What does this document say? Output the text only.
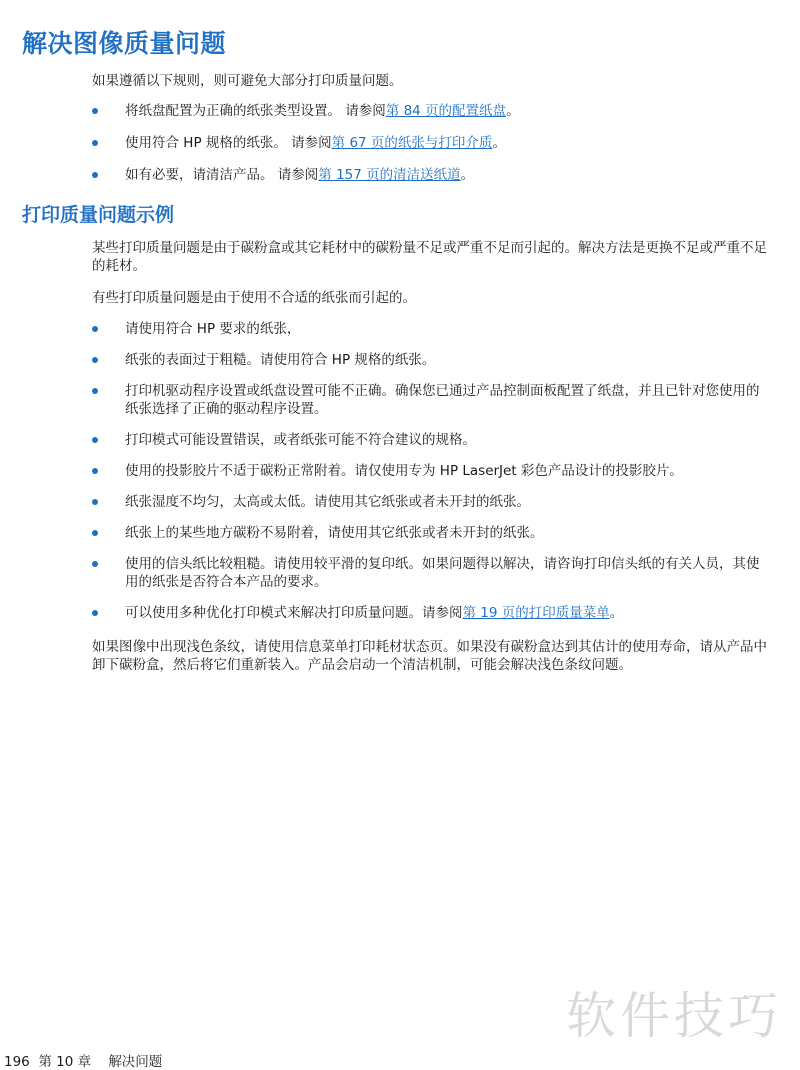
解决图像质量问题

如果遵循以下规则，则可避免大部分打印质量问题。

将纸盘配置为正确的纸张类型设置。 请参阅第 84 页的配置纸盘。
使用符合 HP 规格的纸张。 请参阅第 67 页的纸张与打印介质。
如有必要，请清洁产品。 请参阅第 157 页的清洁送纸道。
打印质量问题示例

某些打印质量问题是由于碳粉盒或其它耗材中的碳粉量不足或严重不足而引起的。解决方法是更换不足或严重不足的耗材。

有些打印质量问题是由于使用不合适的纸张而引起的。

请使用符合 HP 要求的纸张，
纸张的表面过于粗糙。请使用符合 HP 规格的纸张。
打印机驱动程序设置或纸盘设置可能不正确。确保您已通过产品控制面板配置了纸盘，并且已针对您使用的纸张选择了正确的驱动程序设置。
打印模式可能设置错误，或者纸张可能不符合建议的规格。
使用的投影胶片不适于碳粉正常附着。请仅使用专为 HP LaserJet 彩色产品设计的投影胶片。
纸张湿度不均匀，太高或太低。请使用其它纸张或者未开封的纸张。
纸张上的某些地方碳粉不易附着，请使用其它纸张或者未开封的纸张。
使用的信头纸比较粗糙。请使用较平滑的复印纸。如果问题得以解决，请咨询打印信头纸的有关人员，其使用的纸张是否符合本产品的要求。
可以使用多种优化打印模式来解决打印质量问题。请参阅第 19 页的打印质量菜单。

如果图像中出现浅色条纹，请使用信息菜单打印耗材状态页。如果没有碳粉盒达到其估计的使用寿命，请从产品中卸下碳粉盒，然后将它们重新装入。产品会启动一个清洁机制，可能会解决浅色条纹问题。

196 第 10 章 解决问题
软件技巧
